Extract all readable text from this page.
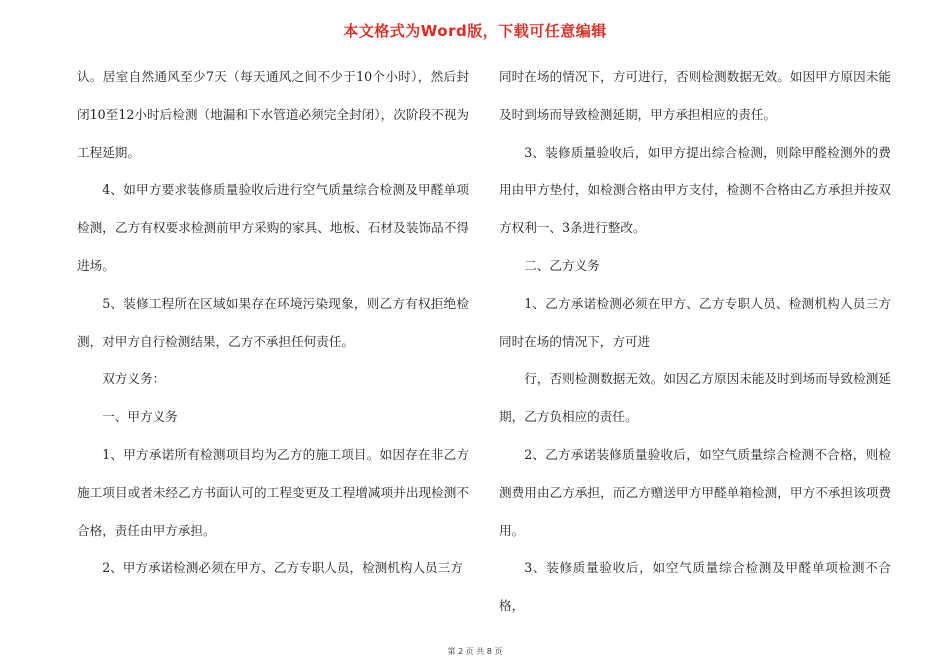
本文格式为Word版，下载可任意编辑

认。居室自然通风至少7天（每天通风之间不少于10个小时），然后封闭10至12小时后检测（地漏和下水管道必须完全封闭），次阶段不视为工程延期。

4、如甲方要求装修质量验收后进行空气质量综合检测及甲醛单项检测，乙方有权要求检测前甲方采购的家具、地板、石材及装饰品不得进场。

5、装修工程所在区域如果存在环境污染现象，则乙方有权拒绝检测，对甲方自行检测结果，乙方不承担任何责任。

双方义务：

一、甲方义务

1、甲方承诺所有检测项目均为乙方的施工项目。如因存在非乙方施工项目或者未经乙方书面认可的工程变更及工程增减项并出现检测不合格，责任由甲方承担。

2、甲方承诺检测必须在甲方、乙方专职人员，检测机构人员三方

同时在场的情况下，方可进行，否则检测数据无效。如因甲方原因未能及时到场而导致检测延期，甲方承担相应的责任。

3、装修质量验收后，如甲方提出综合检测，则除甲醛检测外的费用由甲方垫付，如检测合格由甲方支付，检测不合格由乙方承担并按双方权利一、3条进行整改。

二、乙方义务

1、乙方承诺检测必须在甲方、乙方专职人员、检测机构人员三方同时在场的情况下，方可进

行，否则检测数据无效。如因乙方原因未能及时到场而导致检测延期，乙方负相应的责任。

2、乙方承诺装修质量验收后，如空气质量综合检测不合格，则检测费用由乙方承担，而乙方赠送甲方甲醛单箱检测，甲方不承担该项费用。

3、装修质量验收后，如空气质量综合检测及甲醛单项检测不合格，

第 2 页 共 8 页
